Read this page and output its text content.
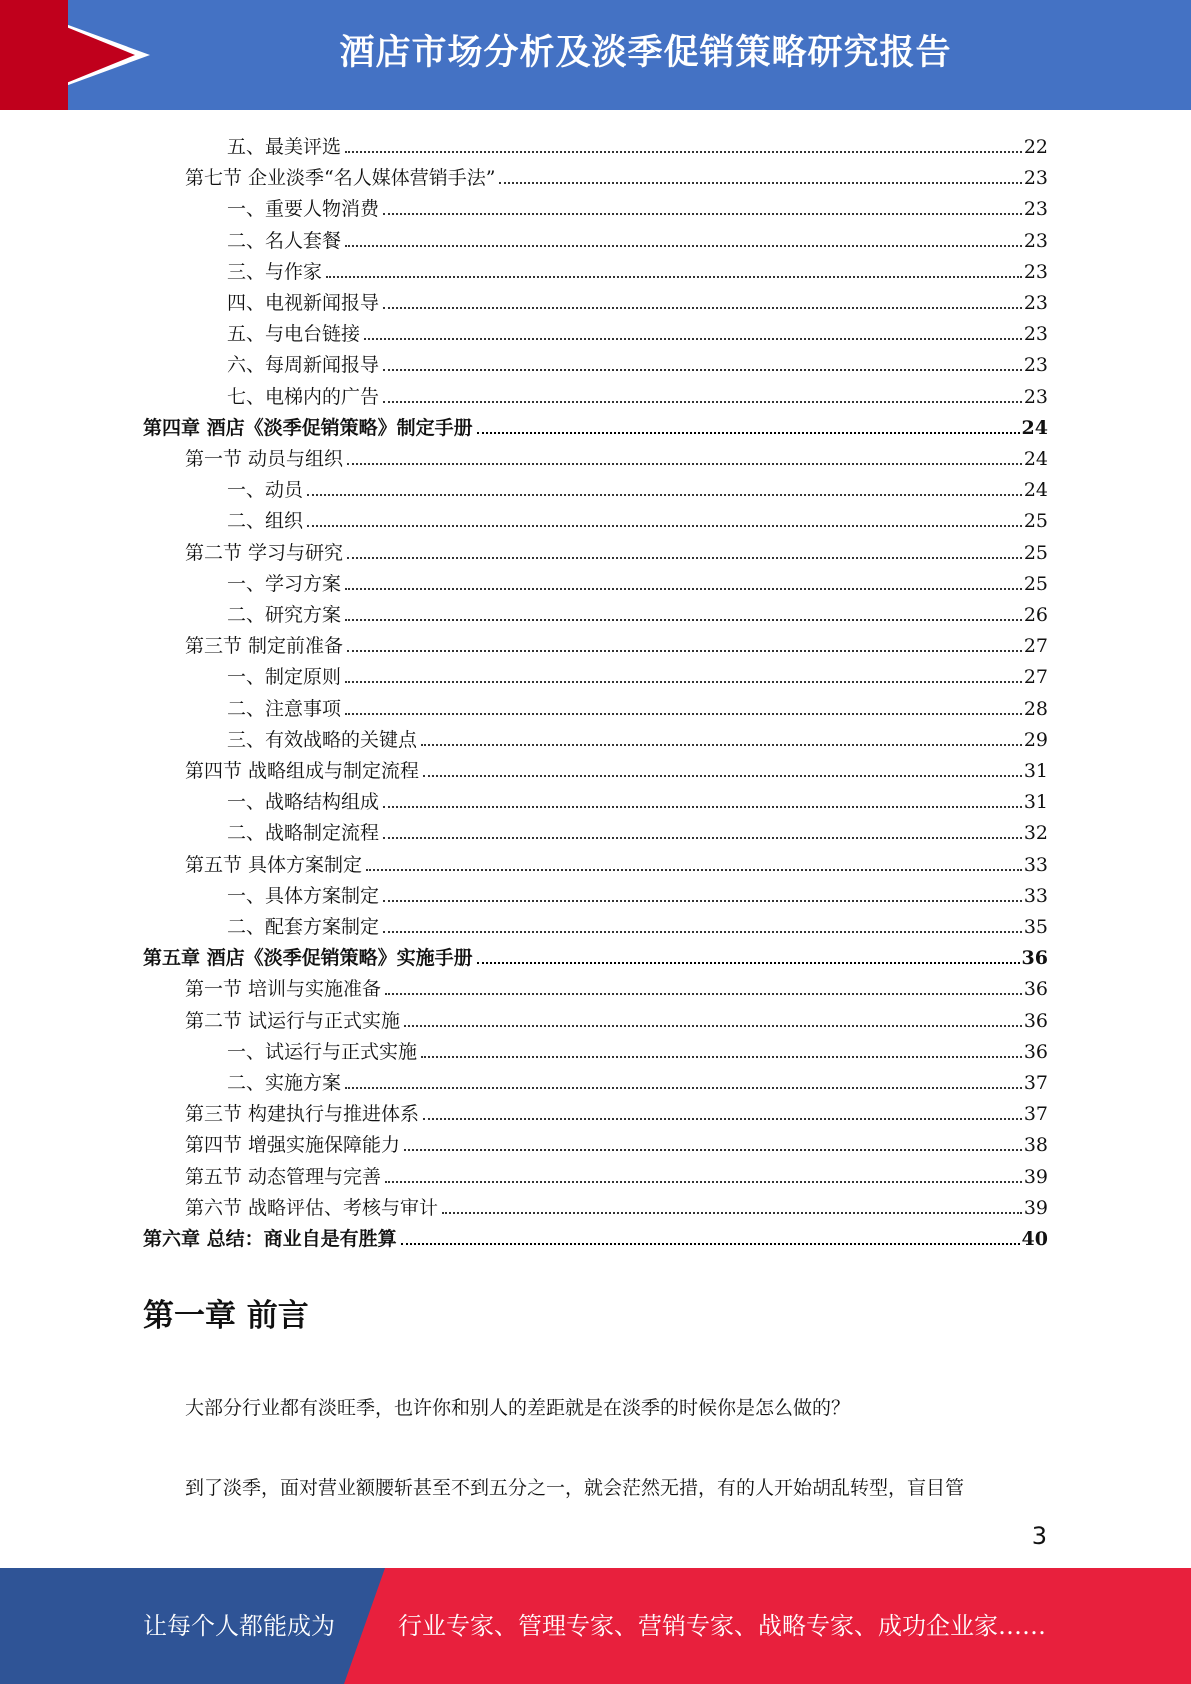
酒店市场分析及淡季促销策略研究报告
五、最美评选	22
第七节 企业淡季“名人媒体营销手法”	23
一、重要人物消费	23
二、名人套餐	23
三、与作家	23
四、电视新闻报导	23
五、与电台链接	23
六、每周新闻报导	23
七、电梯内的广告	23
第四章 酒店《淡季促销策略》制定手册	24
第一节 动员与组织	24
一、动员	24
二、组织	25
第二节 学习与研究	25
一、学习方案	25
二、研究方案	26
第三节 制定前准备	27
一、制定原则	27
二、注意事项	28
三、有效战略的关键点	29
第四节 战略组成与制定流程	31
一、战略结构组成	31
二、战略制定流程	32
第五节 具体方案制定	33
一、具体方案制定	33
二、配套方案制定	35
第五章 酒店《淡季促销策略》实施手册	36
第一节 培训与实施准备	36
第二节 试运行与正式实施	36
一、试运行与正式实施	36
二、实施方案	37
第三节 构建执行与推进体系	37
第四节 增强实施保障能力	38
第五节 动态管理与完善	39
第六节 战略评估、考核与审计	39
第六章 总结：商业自是有胜算	40
第一章 前言
大部分行业都有淡旺季，也许你和别人的差距就是在淡季的时候你是怎么做的？
到了淡季，面对营业额腰斩甚至不到五分之一，就会茫然无措，有的人开始胡乱转型，盲目管
3
让每个人都能成为	行业专家、管理专家、营销专家、战略专家、成功企业家……
